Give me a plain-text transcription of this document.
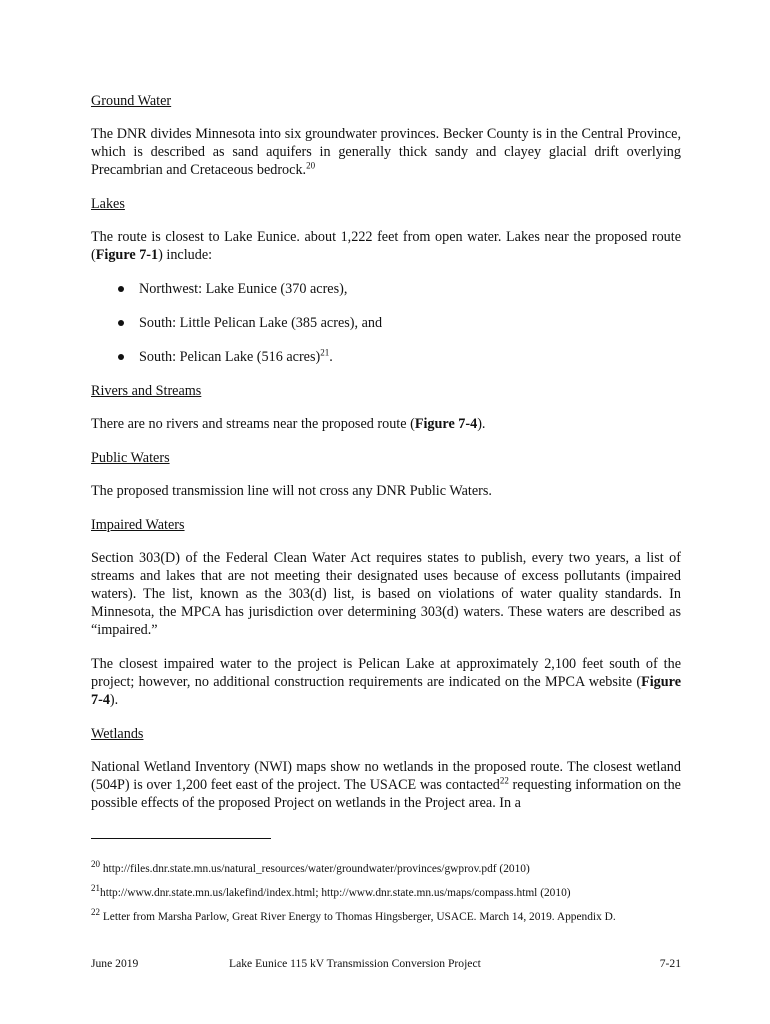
Ground Water

The DNR divides Minnesota into six groundwater provinces. Becker County is in the Central Province, which is described as sand aquifers in generally thick sandy and clayey glacial drift overlying Precambrian and Cretaceous bedrock.$^{20}$

Lakes

The route is closest to Lake Eunice. about 1,222 feet from open water. Lakes near the proposed route (Figure 7-1) include:

Northwest: Lake Eunice (370 acres),
South: Little Pelican Lake (385 acres), and
South: Pelican Lake (516 acres)$^{21}$.

Rivers and Streams

There are no rivers and streams near the proposed route (Figure 7-4).

Public Waters

The proposed transmission line will not cross any DNR Public Waters.

Impaired Waters

Section 303(D) of the Federal Clean Water Act requires states to publish, every two years, a list of streams and lakes that are not meeting their designated uses because of excess pollutants (impaired waters). The list, known as the 303(d) list, is based on violations of water quality standards. In Minnesota, the MPCA has jurisdiction over determining 303(d) waters. These waters are described as “impaired.”

The closest impaired water to the project is Pelican Lake at approximately 2,100 feet south of the project; however, no additional construction requirements are indicated on the MPCA website (Figure 7-4).

Wetlands

National Wetland Inventory (NWI) maps show no wetlands in the proposed route. The closest wetland (504P) is over 1,200 feet east of the project. The USACE was contacted$^{22}$ requesting information on the possible effects of the proposed Project on wetlands in the Project area. In a

$^{20}$ http://files.dnr.state.mn.us/natural_resources/water/groundwater/provinces/gwprov.pdf (2010)

$^{21}$http://www.dnr.state.mn.us/lakefind/index.html; http://www.dnr.state.mn.us/maps/compass.html (2010)

$^{22}$ Letter from Marsha Parlow, Great River Energy to Thomas Hingsberger, USACE. March 14, 2019. Appendix D.

June 2019	Lake Eunice 115 kV Transmission Conversion Project	7-21
